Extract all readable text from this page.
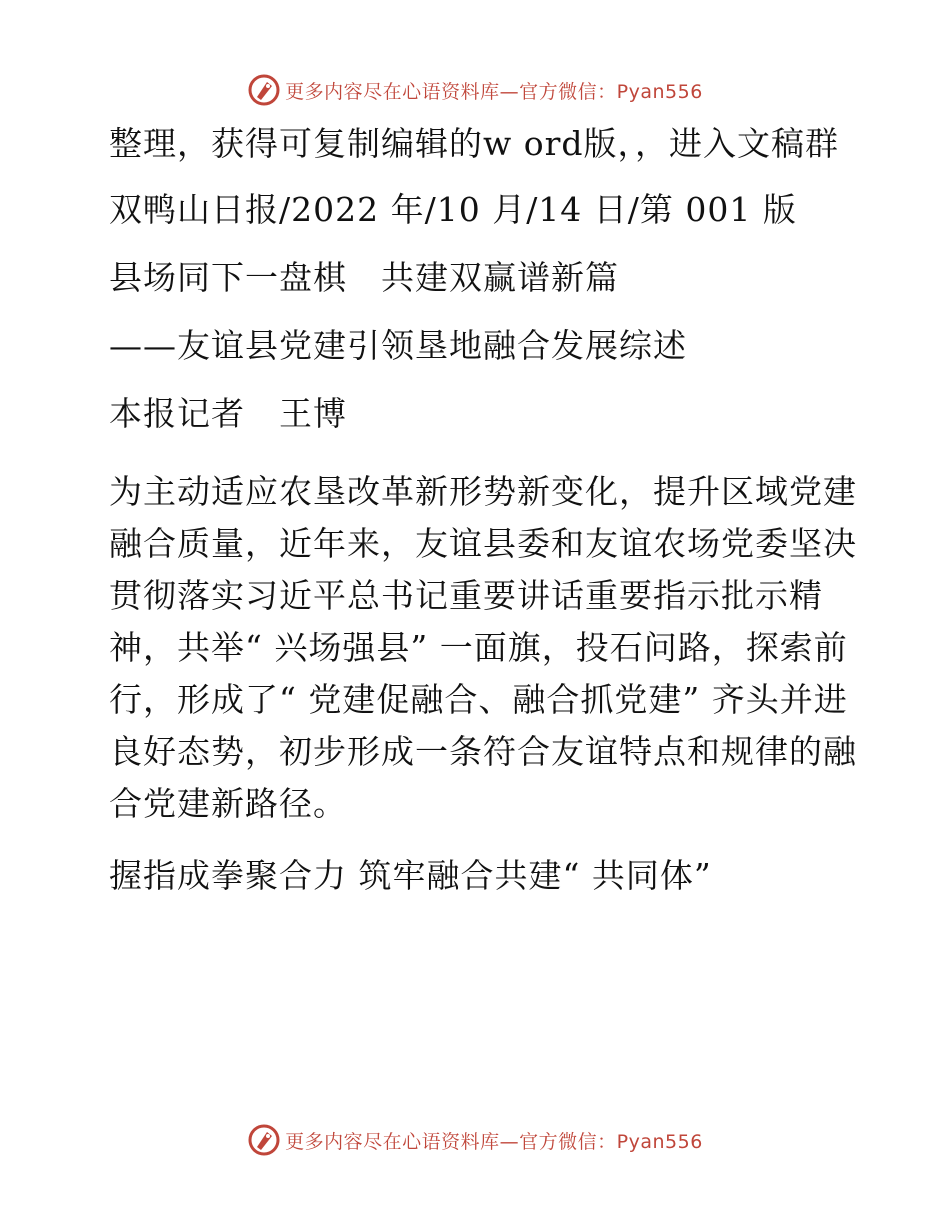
更多内容尽在心语资料库—官方微信：Pyan556

整理，获得可复制编辑的w ord版，，进入文稿群

双鸭山日报/2022 年/10 月/14 日/第 001 版

县场同下一盘棋　共建双赢谱新篇

——友谊县党建引领垦地融合发展综述

本报记者　王博

为主动适应农垦改革新形势新变化，提升区域党建融合质量，近年来，友谊县委和友谊农场党委坚决贯彻落实习近平总书记重要讲话重要指示批示精神，共举“ 兴场强县” 一面旗，投石问路，探索前行，形成了“ 党建促融合、融合抓党建” 齐头并进良好态势，初步形成一条符合友谊特点和规律的融合党建新路径。

握指成拳聚合力 筑牢融合共建“ 共同体”

更多内容尽在心语资料库—官方微信：Pyan556
